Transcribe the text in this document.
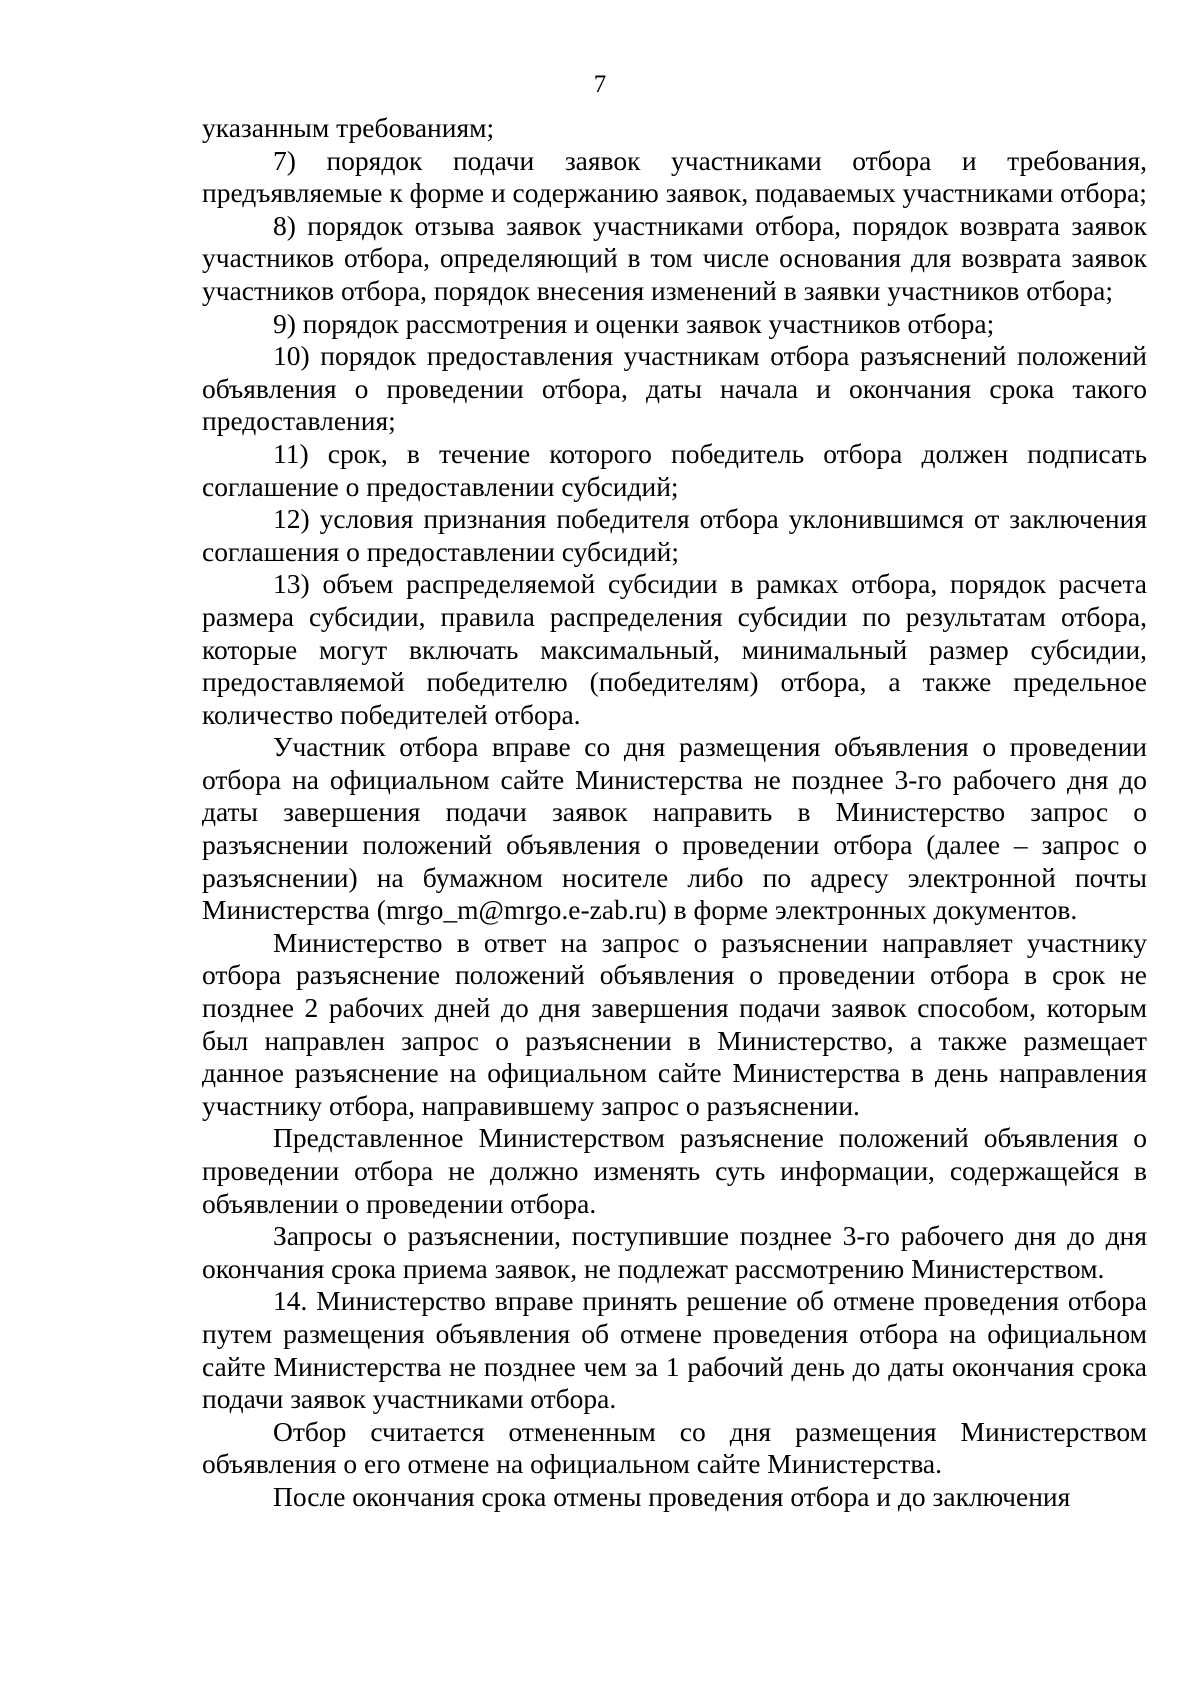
7

указанным требованиям;

7) порядок подачи заявок участниками отбора и требования, предъявляемые к форме и содержанию заявок, подаваемых участниками отбора;

8) порядок отзыва заявок участниками отбора, порядок возврата заявок участников отбора, определяющий в том числе основания для возврата заявок участников отбора, порядок внесения изменений в заявки участников отбора;

9) порядок рассмотрения и оценки заявок участников отбора;

10) порядок предоставления участникам отбора разъяснений положений объявления о проведении отбора, даты начала и окончания срока такого предоставления;

11) срок, в течение которого победитель отбора должен подписать соглашение о предоставлении субсидий;

12) условия признания победителя отбора уклонившимся от заключения соглашения о предоставлении субсидий;

13) объем распределяемой субсидии в рамках отбора, порядок расчета размера субсидии, правила распределения субсидии по результатам отбора, которые могут включать максимальный, минимальный размер субсидии, предоставляемой победителю (победителям) отбора, а также предельное количество победителей отбора.

Участник отбора вправе со дня размещения объявления о проведении отбора на официальном сайте Министерства не позднее 3-го рабочего дня до даты завершения подачи заявок направить в Министерство запрос о разъяснении положений объявления о проведении отбора (далее – запрос о разъяснении) на бумажном носителе либо по адресу электронной почты Министерства (mrgo_m@mrgo.e-zab.ru) в форме электронных документов.

Министерство в ответ на запрос о разъяснении направляет участнику отбора разъяснение положений объявления о проведении отбора в срок не позднее 2 рабочих дней до дня завершения подачи заявок способом, которым был направлен запрос о разъяснении в Министерство, а также размещает данное разъяснение на официальном сайте Министерства в день направления участнику отбора, направившему запрос о разъяснении.

Представленное Министерством разъяснение положений объявления о проведении отбора не должно изменять суть информации, содержащейся в объявлении о проведении отбора.

Запросы о разъяснении, поступившие позднее 3-го рабочего дня до дня окончания срока приема заявок, не подлежат рассмотрению Министерством.

14. Министерство вправе принять решение об отмене проведения отбора путем размещения объявления об отмене проведения отбора на официальном сайте Министерства не позднее чем за 1 рабочий день до даты окончания срока подачи заявок участниками отбора.

Отбор считается отмененным со дня размещения Министерством объявления о его отмене на официальном сайте Министерства.

После окончания срока отмены проведения отбора и до заключения
